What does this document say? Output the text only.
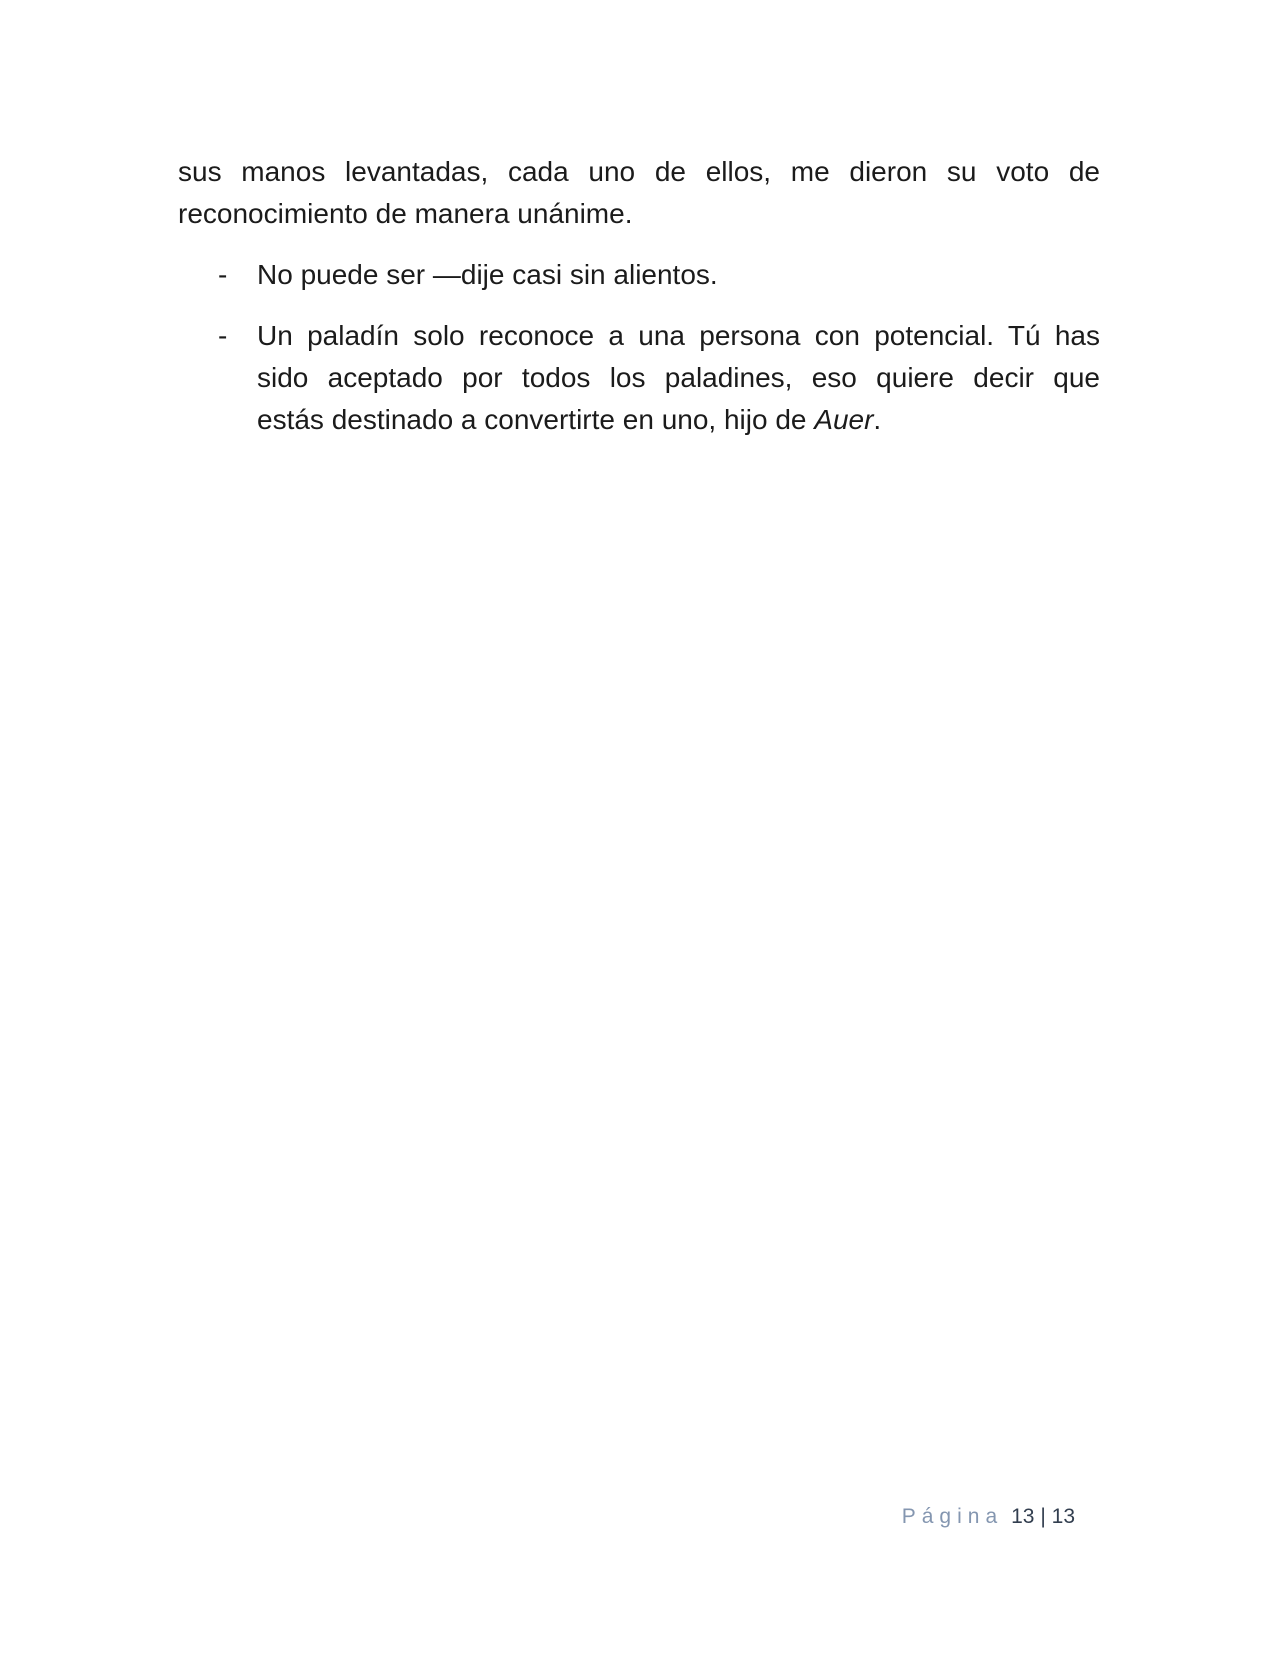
sus manos levantadas, cada uno de ellos, me dieron su voto de
reconocimiento de manera unánime.
-	No puede ser —dije casi sin alientos.
-	Un paladín solo reconoce a una persona con potencial. Tú has
sido aceptado por todos los paladines, eso quiere decir que
estás destinado a convertirte en uno, hijo de Auer.
Página 13 | 13
